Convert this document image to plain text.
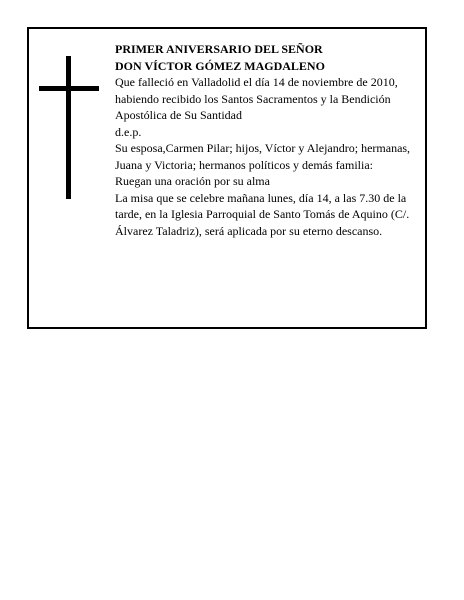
PRIMER ANIVERSARIO DEL SEÑOR

DON VÍCTOR GÓMEZ MAGDALENO

Que falleció en Valladolid el día 14 de noviembre de 2010, habiendo recibido los Santos Sacramentos y la Bendición Apostólica de Su Santidad

d.e.p.

Su esposa,Carmen Pilar; hijos, Víctor y Alejandro; hermanas, Juana y Victoria; hermanos políticos y demás familia:

Ruegan una oración por su alma

La misa que se celebre mañana lunes, día 14, a las 7.30 de la tarde, en la Iglesia Parroquial de Santo Tomás de Aquino (C/. Álvarez Taladriz), será aplicada por su eterno descanso.
